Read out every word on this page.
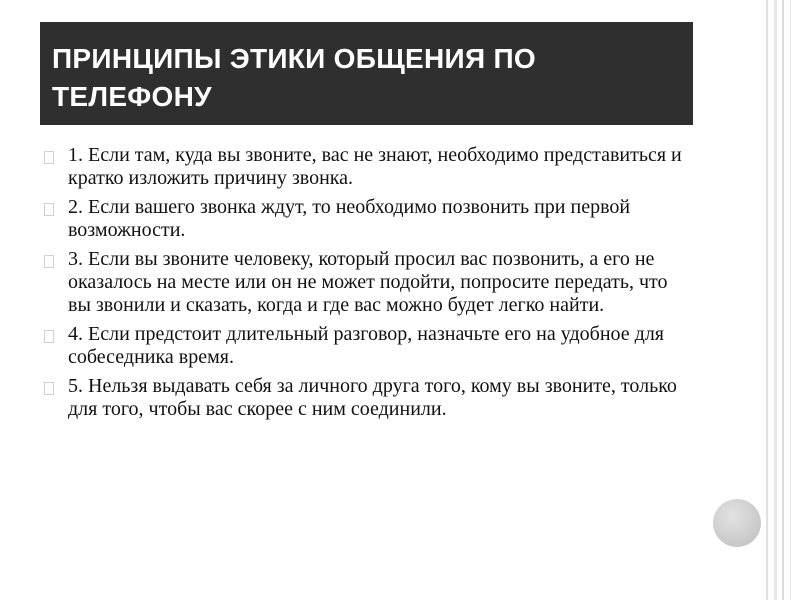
ПРИНЦИПЫ ЭТИКИ ОБЩЕНИЯ ПО ТЕЛЕФОНУ
1. Если там, куда вы звоните, вас не знают, необходимо представиться и кратко изложить причину звонка.
2. Если вашего звонка ждут, то необходимо позвонить при первой возможности.
3. Если вы звоните человеку, который просил вас позвонить, а его не оказалось на месте или он не может подойти, попросите передать, что вы звонили и сказать, когда и где вас можно будет легко найти.
4. Если предстоит длительный разговор, назначьте его на удобное для собеседника время.
5. Нельзя выдавать себя за личного друга того, кому вы звоните, только для того, чтобы вас скорее с ним соединили.
